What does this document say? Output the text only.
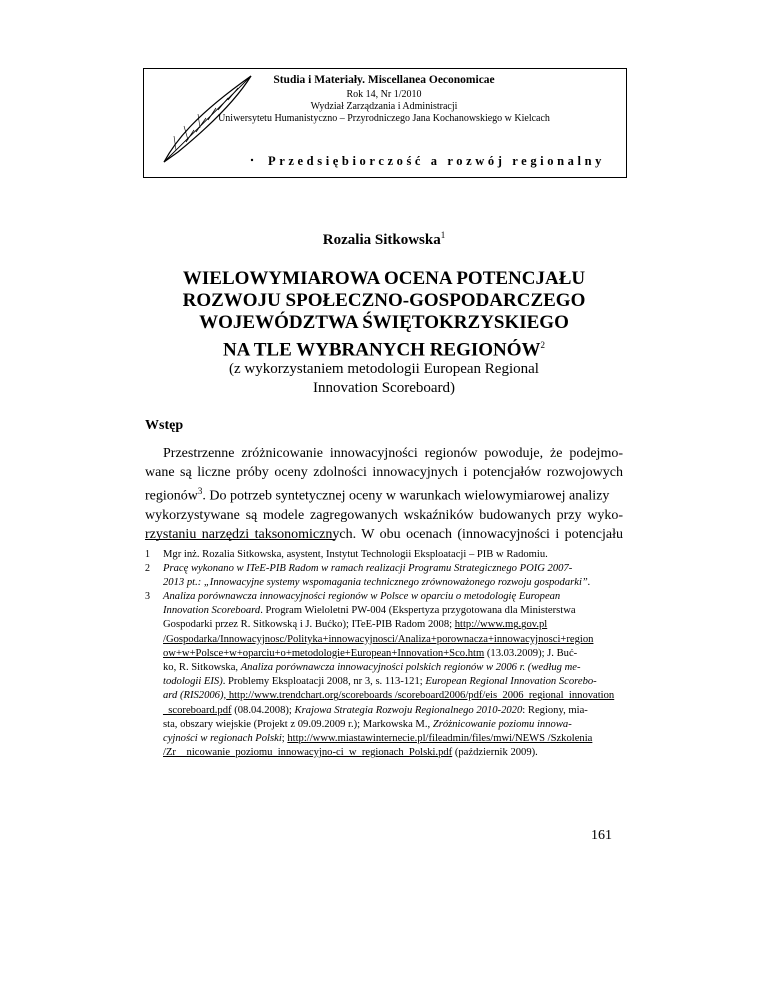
Studia i Materiały. Miscellanea Oeconomicae
Rok 14, Nr 1/2010
Wydział Zarządzania i Administracji
Uniwersytetu Humanistyczno – Przyrodniczego Jana Kochanowskiego w Kielcach
Przedsiębiorczość a rozwój regionalny
Rozalia Sitkowska$^1$
WIELOWYMIAROWA OCENA POTENCJAŁU
ROZWOJU SPOŁECZNO-GOSPODARCZEGO
WOJEWÓDZTWA ŚWIĘTOKRZYSKIEGO
NA TLE WYBRANYCH REGIONÓW$^2$
(z wykorzystaniem metodologii European Regional
Innovation Scoreboard)
Wstęp
Przestrzenne zróżnicowanie innowacyjności regionów powoduje, że podejmo-
wane są liczne próby oceny zdolności innowacyjnych i potencjałów rozwojowych
regionów$^3$. Do potrzeb syntetycznej oceny w warunkach wielowymiarowej analizy
wykorzystywane są modele zagregowanych wskaźników budowanych przy wyko-
rzystaniu narzędzi taksonomicznych. W obu ocenach (innowacyjności i potencjału
1 Mgr inż. Rozalia Sitkowska, asystent, Instytut Technologii Eksploatacji – PIB w Radomiu.
2 Pracę wykonano w ITeE-PIB Radom w ramach realizacji Programu Strategicznego POIG 2007-
2013 pt.: „Innowacyjne systemy wspomagania technicznego zrównoważonego rozwoju gospodarki”.
3 Analiza porównawcza innowacyjności regionów w Polsce w oparciu o metodologię European
Innovation Scoreboard. Program Wieloletni PW-004 (Ekspertyza przygotowana dla Ministerstwa
Gospodarki przez R. Sitkowską i J. Bućko); ITeE-PIB Radom 2008; http://www.mg.gov.pl
/Gospodarka/Innowacyjnosc/Polityka+innowacyjnosci/Analiza+porownacza+innowacyjnosci+region
ow+w+Polsce+w+oparciu+o+metodologie+European+Innovation+Sco.htm (13.03.2009); J. Buć-
ko, R. Sitkowska, Analiza porównawcza innowacyjności polskich regionów w 2006 r. (według me-
todologii EIS). Problemy Eksploatacji 2008, nr 3, s. 113-121; European Regional Innovation Scorebo-
ard (RIS2006), http://www.trendchart.org/scoreboards /scoreboard2006/pdf/eis_2006_regional_innovation
_scoreboard.pdf (08.04.2008); Krajowa Strategia Rozwoju Regionalnego 2010-2020: Regiony, mia-
sta, obszary wiejskie (Projekt z 09.09.2009 r.); Markowska M., Zróżnicowanie poziomu innowa-
cyjności w regionach Polski; http://www.miastawinternecie.pl/fileadmin/files/mwi/NEWS /Szkolenia
/Zr__nicowanie_poziomu_innowacyjno-ci_w_regionach_Polski.pdf (październik 2009).
161
